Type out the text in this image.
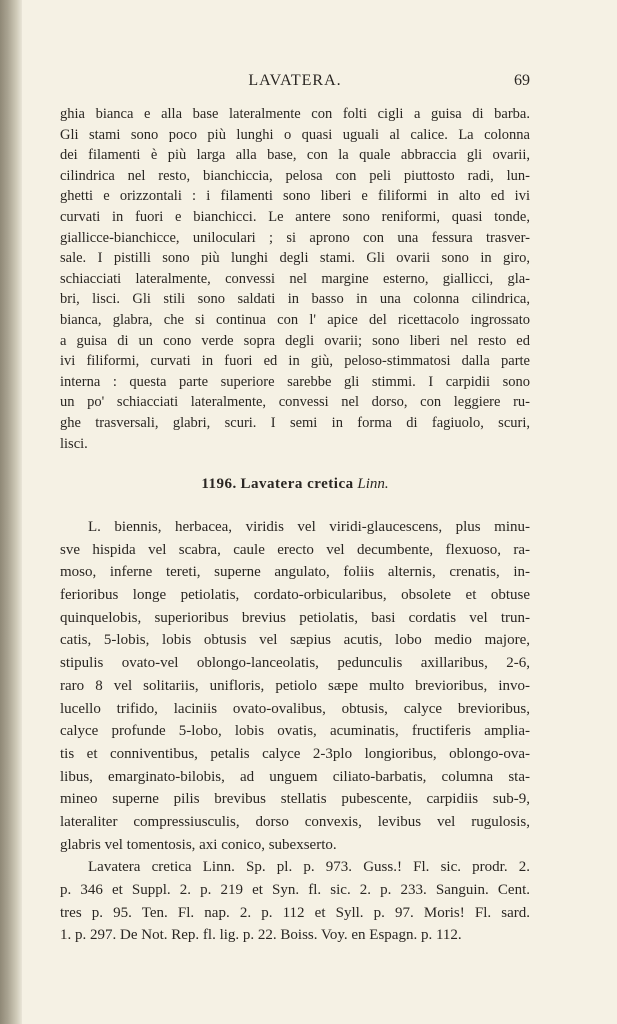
LAVATERA.	69
ghia bianca e alla base lateralmente con folti cigli a guisa di barba.
Gli stami sono poco più lunghi o quasi uguali al calice. La colonna
dei filamenti è più larga alla base, con la quale abbraccia gli ovarii,
cilindrica nel resto, bianchiccia, pelosa con peli piuttosto radi, lun-
ghetti e orizzontali : i filamenti sono liberi e filiformi in alto ed ivi
curvati in fuori e bianchicci. Le antere sono reniformi, quasi tonde,
giallicce-bianchicce, uniloculari ; si aprono con una fessura trasver-
sale. I pistilli sono più lunghi degli stami. Gli ovarii sono in giro,
schiacciati lateralmente, convessi nel margine esterno, giallicci, gla-
bri, lisci. Gli stili sono saldati in basso in una colonna cilindrica,
bianca, glabra, che si continua con l' apice del ricettacolo ingrossato
a guisa di un cono verde sopra degli ovarii; sono liberi nel resto ed
ivi filiformi, curvati in fuori ed in giù, peloso-stimmatosi dalla parte
interna : questa parte superiore sarebbe gli stimmi. I carpidii sono
un po' schiacciati lateralmente, convessi nel dorso, con leggiere ru-
ghe trasversali, glabri, scuri. I semi in forma di fagiuolo, scuri,
lisci.
1196. Lavatera cretica Linn.
L. biennis, herbacea, viridis vel viridi-glaucescens, plus minu-
sve hispida vel scabra, caule erecto vel decumbente, flexuoso, ra-
moso, inferne tereti, superne angulato, foliis alternis, crenatis, in-
ferioribus longe petiolatis, cordato-orbicularibus, obsolete et obtuse
quinquelobis, superioribus brevius petiolatis, basi cordatis vel trun-
catis, 5-lobis, lobis obtusis vel sæpius acutis, lobo medio majore,
stipulis ovato-vel oblongo-lanceolatis, pedunculis axillaribus, 2-6,
raro 8 vel solitariis, unifloris, petiolo sæpe multo brevioribus, invo-
lucello trifido, laciniis ovato-ovalibus, obtusis, calyce brevioribus,
calyce profunde 5-lobo, lobis ovatis, acuminatis, fructiferis amplia-
tis et conniventibus, petalis calyce 2-3plo longioribus, oblongo-ova-
libus, emarginato-bilobis, ad unguem ciliato-barbatis, columna sta-
mineo superne pilis brevibus stellatis pubescente, carpidiis sub-9,
lateraliter compressiusculis, dorso convexis, levibus vel rugulosis,
glabris vel tomentosis, axi conico, subexserto.
Lavatera cretica Linn. Sp. pl. p. 973. Guss.! Fl. sic. prodr. 2.
p. 346 et Suppl. 2. p. 219 et Syn. fl. sic. 2. p. 233. Sanguin. Cent.
tres p. 95. Ten. Fl. nap. 2. p. 112 et Syll. p. 97. Moris! Fl. sard.
1. p. 297. De Not. Rep. fl. lig. p. 22. Boiss. Voy. en Espagn. p. 112.
